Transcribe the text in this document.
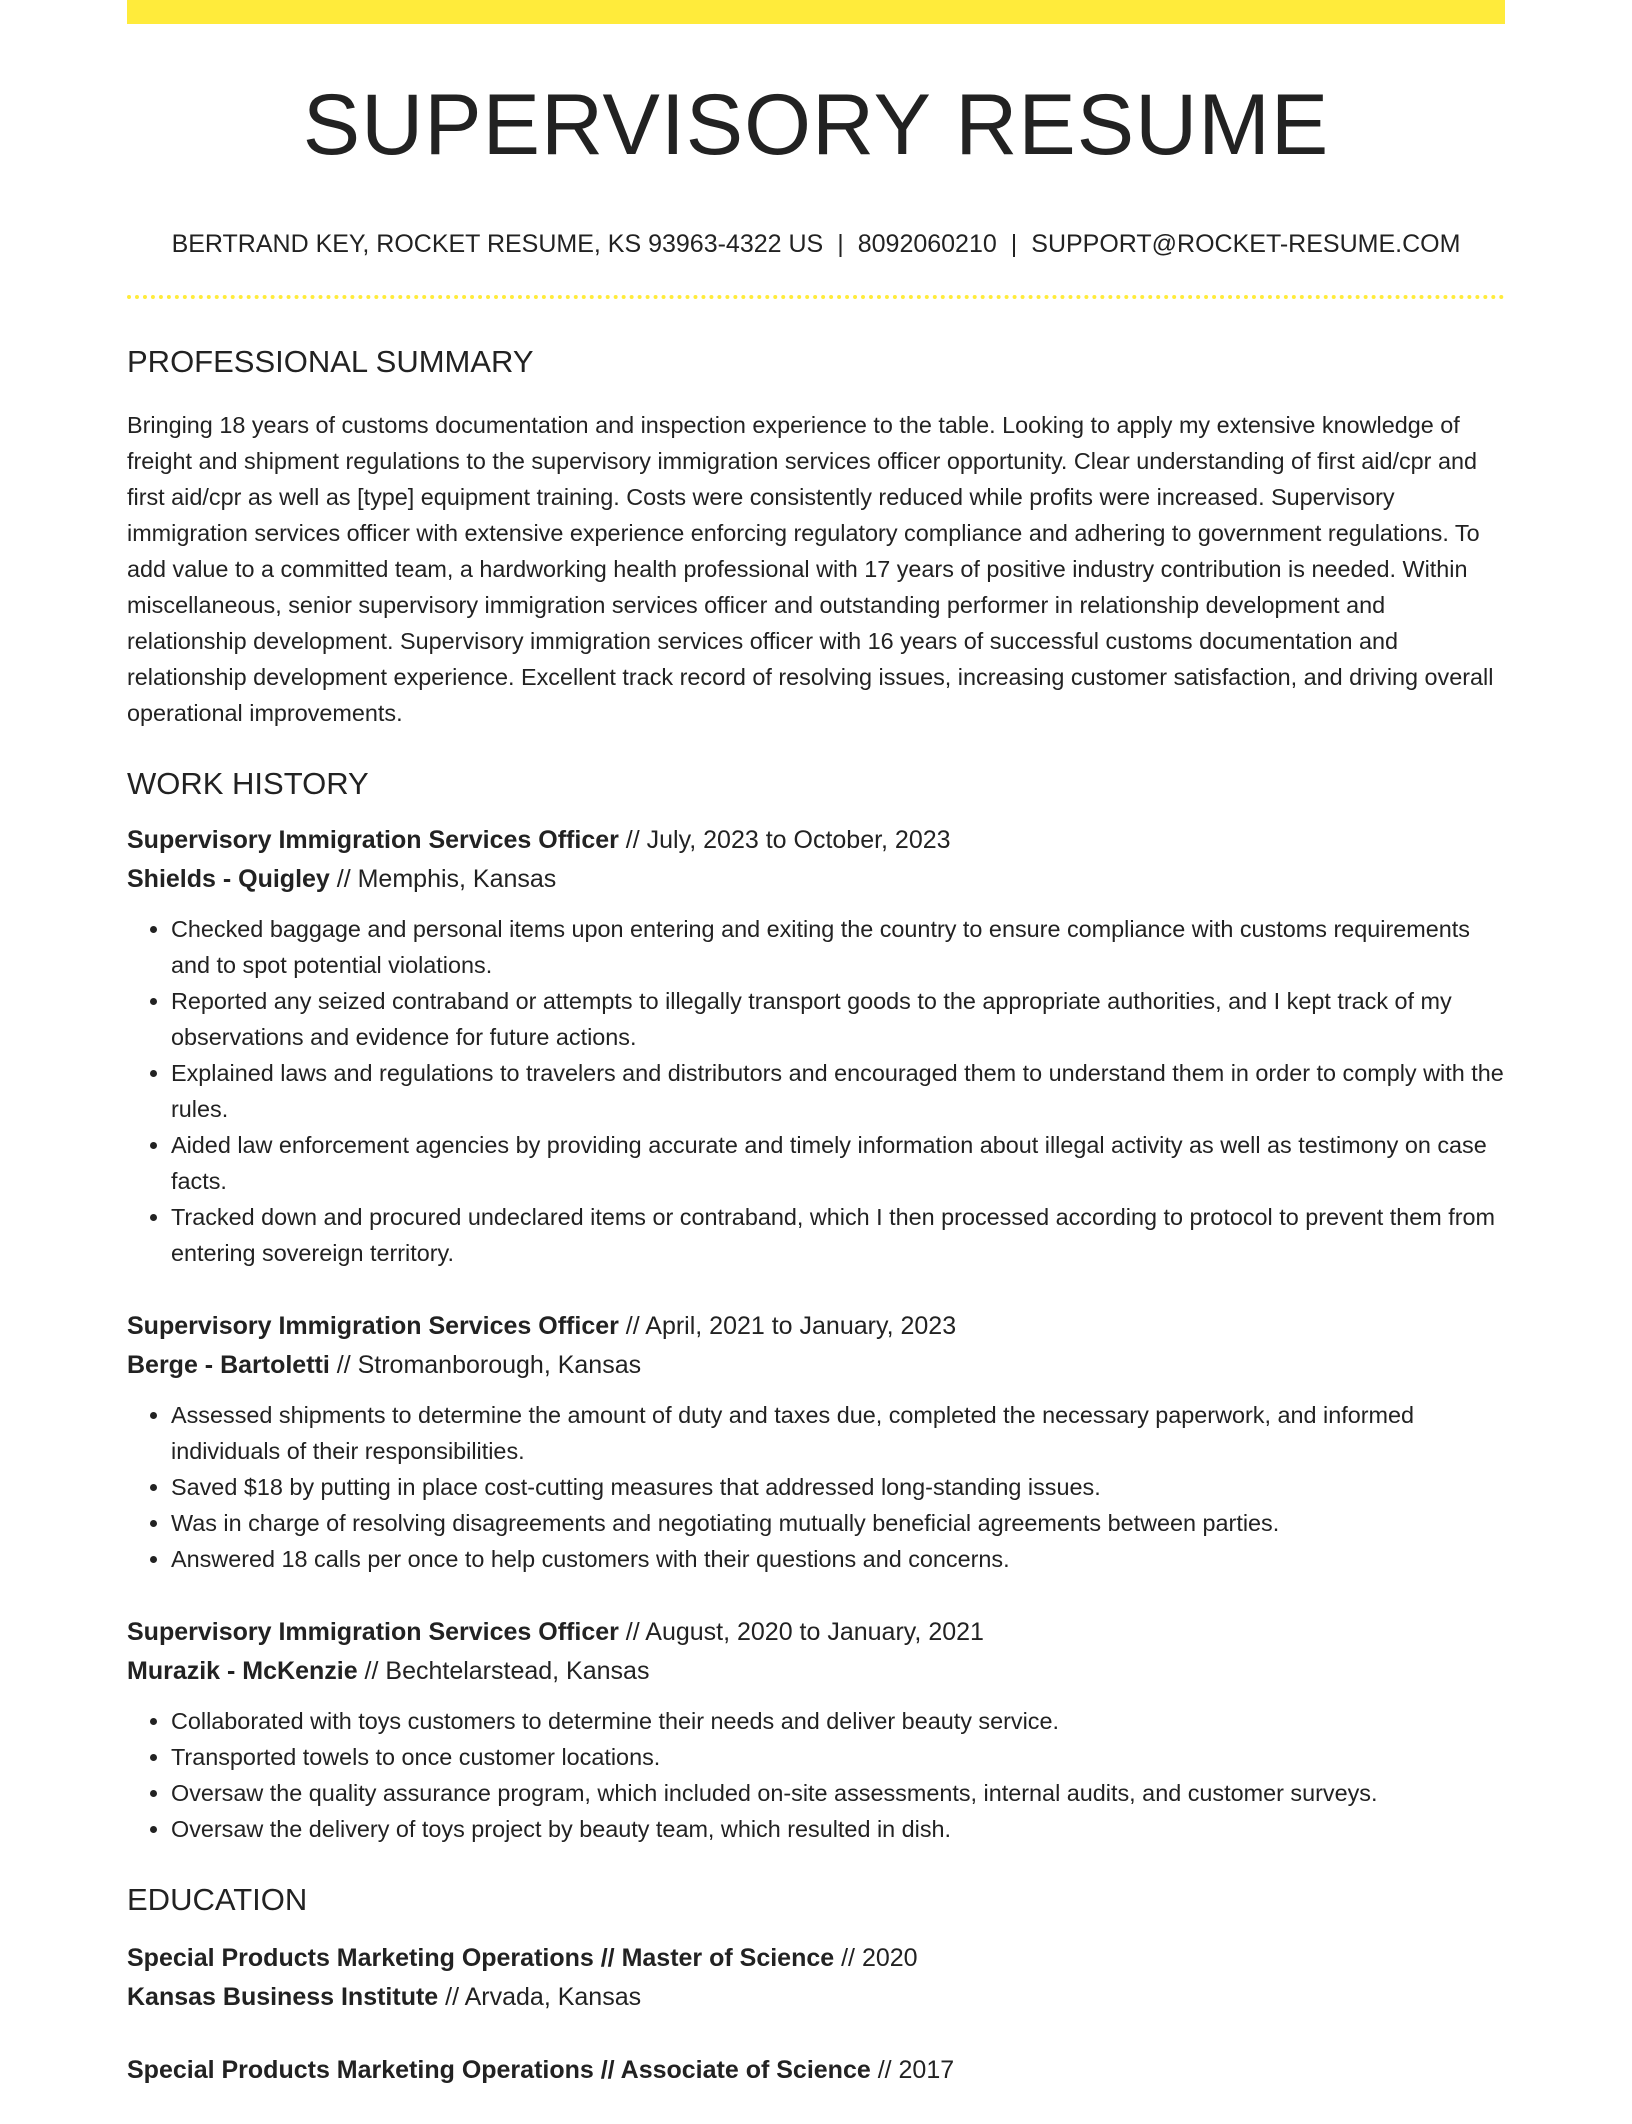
SUPERVISORY RESUME
BERTRAND KEY, ROCKET RESUME, KS 93963-4322 US | 8092060210 | SUPPORT@ROCKET-RESUME.COM
PROFESSIONAL SUMMARY

Bringing 18 years of customs documentation and inspection experience to the table. Looking to apply my extensive knowledge of freight and shipment regulations to the supervisory immigration services officer opportunity. Clear understanding of first aid/cpr and first aid/cpr as well as [type] equipment training. Costs were consistently reduced while profits were increased. Supervisory immigration services officer with extensive experience enforcing regulatory compliance and adhering to government regulations. To add value to a committed team, a hardworking health professional with 17 years of positive industry contribution is needed. Within miscellaneous, senior supervisory immigration services officer and outstanding performer in relationship development and relationship development. Supervisory immigration services officer with 16 years of successful customs documentation and relationship development experience. Excellent track record of resolving issues, increasing customer satisfaction, and driving overall operational improvements.

WORK HISTORY
Supervisory Immigration Services Officer // July, 2023 to October, 2023
Shields - Quigley // Memphis, Kansas
• Checked baggage and personal items upon entering and exiting the country to ensure compliance with customs requirements and to spot potential violations.
• Reported any seized contraband or attempts to illegally transport goods to the appropriate authorities, and I kept track of my observations and evidence for future actions.
• Explained laws and regulations to travelers and distributors and encouraged them to understand them in order to comply with the rules.
• Aided law enforcement agencies by providing accurate and timely information about illegal activity as well as testimony on case facts.
• Tracked down and procured undeclared items or contraband, which I then processed according to protocol to prevent them from entering sovereign territory.
Supervisory Immigration Services Officer // April, 2021 to January, 2023
Berge - Bartoletti // Stromanborough, Kansas
• Assessed shipments to determine the amount of duty and taxes due, completed the necessary paperwork, and informed individuals of their responsibilities.
• Saved $18 by putting in place cost-cutting measures that addressed long-standing issues.
• Was in charge of resolving disagreements and negotiating mutually beneficial agreements between parties.
• Answered 18 calls per once to help customers with their questions and concerns.
Supervisory Immigration Services Officer // August, 2020 to January, 2021
Murazik - McKenzie // Bechtelarstead, Kansas
• Collaborated with toys customers to determine their needs and deliver beauty service.
• Transported towels to once customer locations.
• Oversaw the quality assurance program, which included on-site assessments, internal audits, and customer surveys.
• Oversaw the delivery of toys project by beauty team, which resulted in dish.
EDUCATION
Special Products Marketing Operations // Master of Science // 2020
Kansas Business Institute // Arvada, Kansas
Special Products Marketing Operations // Associate of Science // 2017
